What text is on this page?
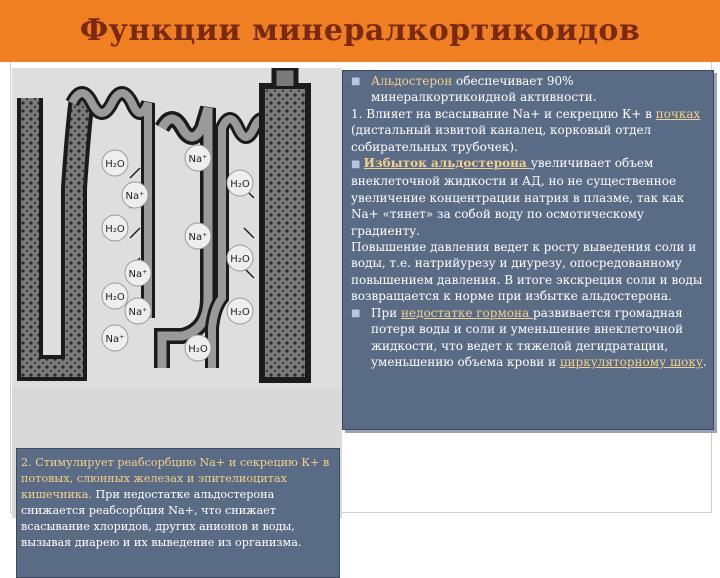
Функции минералкортикоидов
H₂O	Na⁺
Na⁺
H₂O
H₂O
Na⁺
H₂O
Na⁺
Na⁺
H₂O
H₂O
H₂O
Na⁺
2. Стимулирует реабсорбцию Na+ и секрецию К+ в потовых, слюнных железах и эпителиоцитах кишечника. При недостатке альдостерона снижается реабсорбция Na+, что снижает всасывание хлоридов, других анионов и воды, вызывая диарею и их выведение из организма.
■ Альдостерон обеспечивает 90% минералкортикоидной активности.

1. Влияет на всасывание Na+ и секрецию К+ в почках (дистальный извитой каналец, корковый отдел собирательных трубочек).

■ Избыток альдостерона увеличивает объем внеклеточной жидкости и АД, но не существенное увеличение концентрации натрия в плазме, так как Na+ «тянет» за собой воду по осмотическому градиенту.

Повышение давления ведет к росту выведения соли и воды, т.е. натрийурезу и диурезу, опосредованному повышением давления. В итоге экскреция соли и воды возвращается к норме при избытке альдостерона.

■ При недостатке гормона развивается громадная потеря воды и соли и уменьшение внеклеточной жидкости, что ведет к тяжелой дегидратации, уменьшению объема крови и циркуляторному шоку.
